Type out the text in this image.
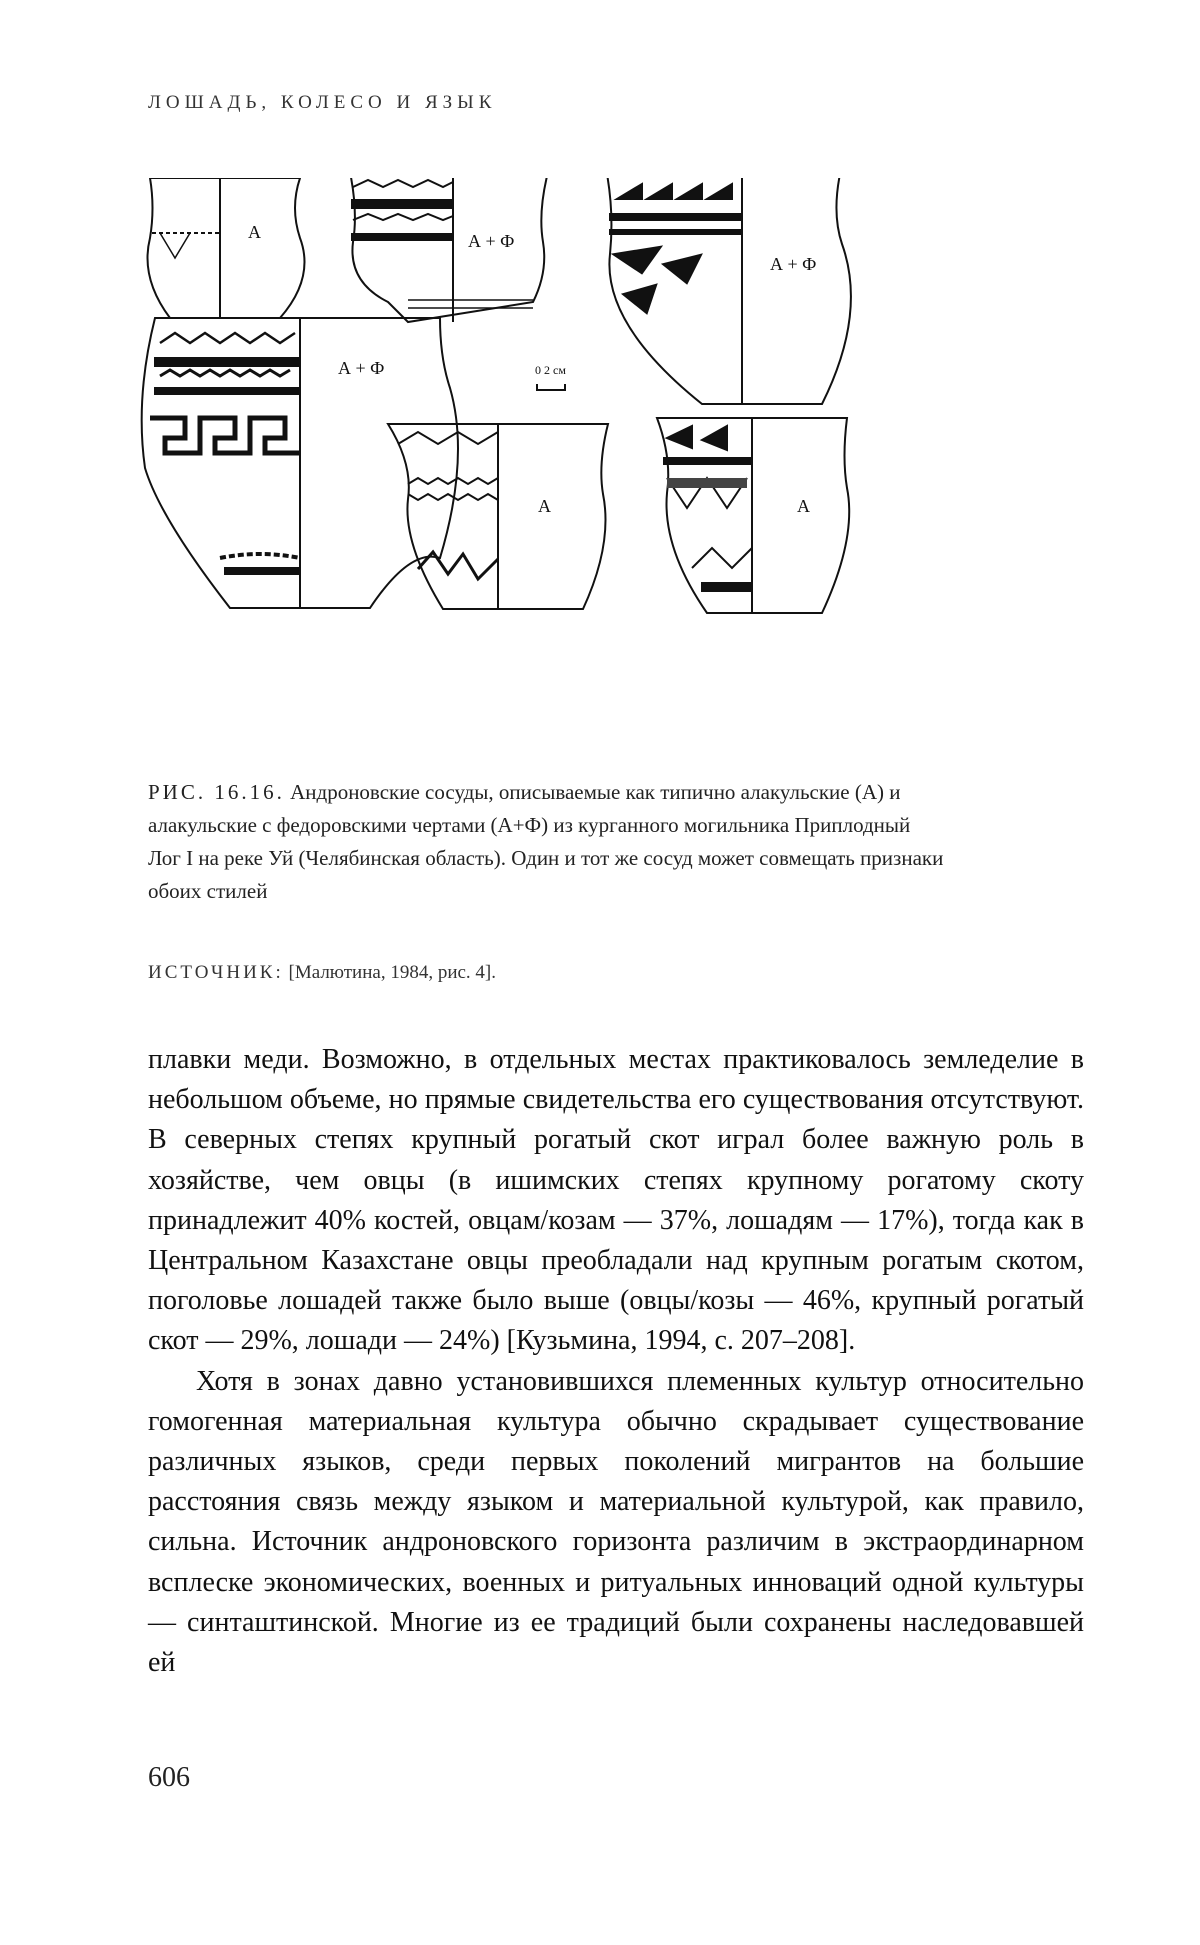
ЛОШАДЬ, КОЛЕСО И ЯЗЫК
А	А + Ф
А + Ф
А + Ф	0 2 см
А	А
РИС. 16.16. Андроновские сосуды, описываемые как типично алакульские (А) и алакульские с федоровскими чертами (А+Ф) из курганного могильника Приплодный Лог I на реке Уй (Челябинская область). Один и тот же сосуд может совмещать признаки обоих стилей
ИСТОЧНИК: [Малютина, 1984, рис. 4].

плавки меди. Возможно, в отдельных местах практиковалось земледелие в небольшом объеме, но прямые свидетельства его существования отсутствуют. В северных степях крупный рогатый скот играл более важную роль в хозяйстве, чем овцы (в ишимских степях крупному рогатому скоту принадлежит 40% костей, овцам/козам — 37%, лошадям — 17%), тогда как в Центральном Казахстане овцы преобладали над крупным рогатым скотом, поголовье лошадей также было выше (овцы/козы — 46%, крупный рогатый скот — 29%, лошади — 24%) [Кузьмина, 1994, с. 207–208].

Хотя в зонах давно установившихся племенных культур относительно гомогенная материальная культура обычно скрадывает существование различных языков, среди первых поколений мигрантов на большие расстояния связь между языком и материальной культурой, как правило, сильна. Источник андроновского горизонта различим в экстраординарном всплеске экономических, военных и ритуальных инноваций одной культуры — синташтинской. Многие из ее традиций были сохранены наследовавшей ей

606
